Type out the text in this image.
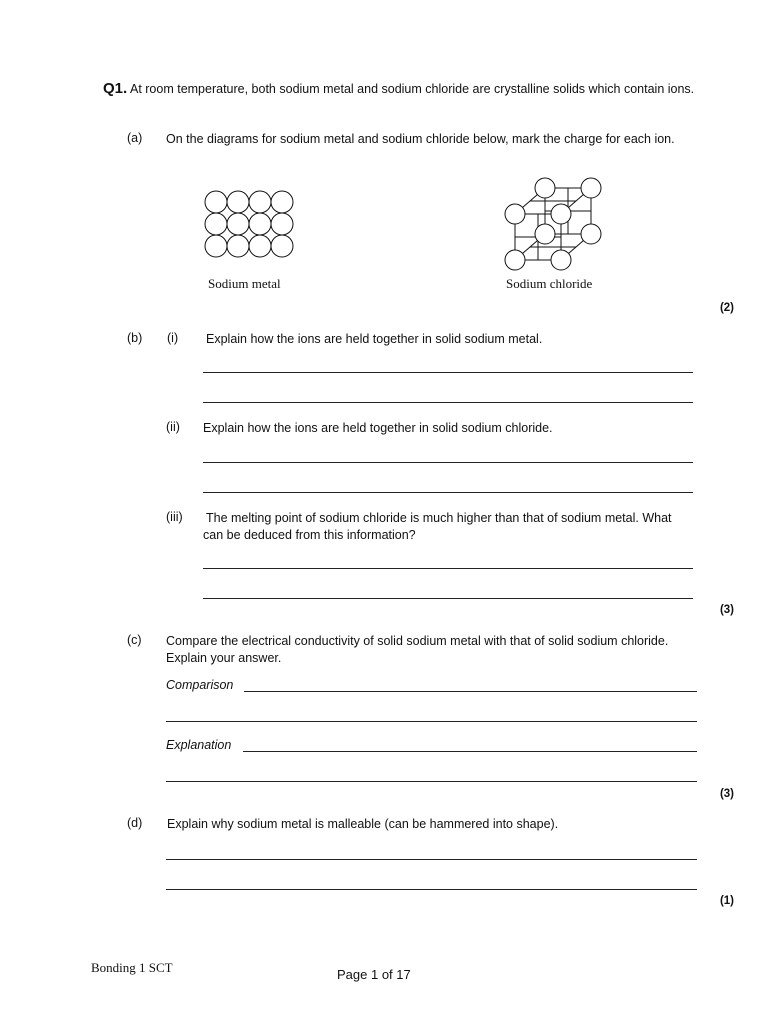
Q1. At room temperature, both sodium metal and sodium chloride are crystalline solids which contain ions.
(a) On the diagrams for sodium metal and sodium chloride below, mark the charge for each ion.
Sodium metal	Sodium chloride
(2)
(b) (i) Explain how the ions are held together in solid sodium metal.
(ii) Explain how the ions are held together in solid sodium chloride.
(iii) The melting point of sodium chloride is much higher than that of sodium metal. What can be deduced from this information?
(3)
(c) Compare the electrical conductivity of solid sodium metal with that of solid sodium chloride. Explain your answer.
Comparison
Explanation
(3)
(d) Explain why sodium metal is malleable (can be hammered into shape).
(1)
Bonding 1 SCT	Page 1 of 17
